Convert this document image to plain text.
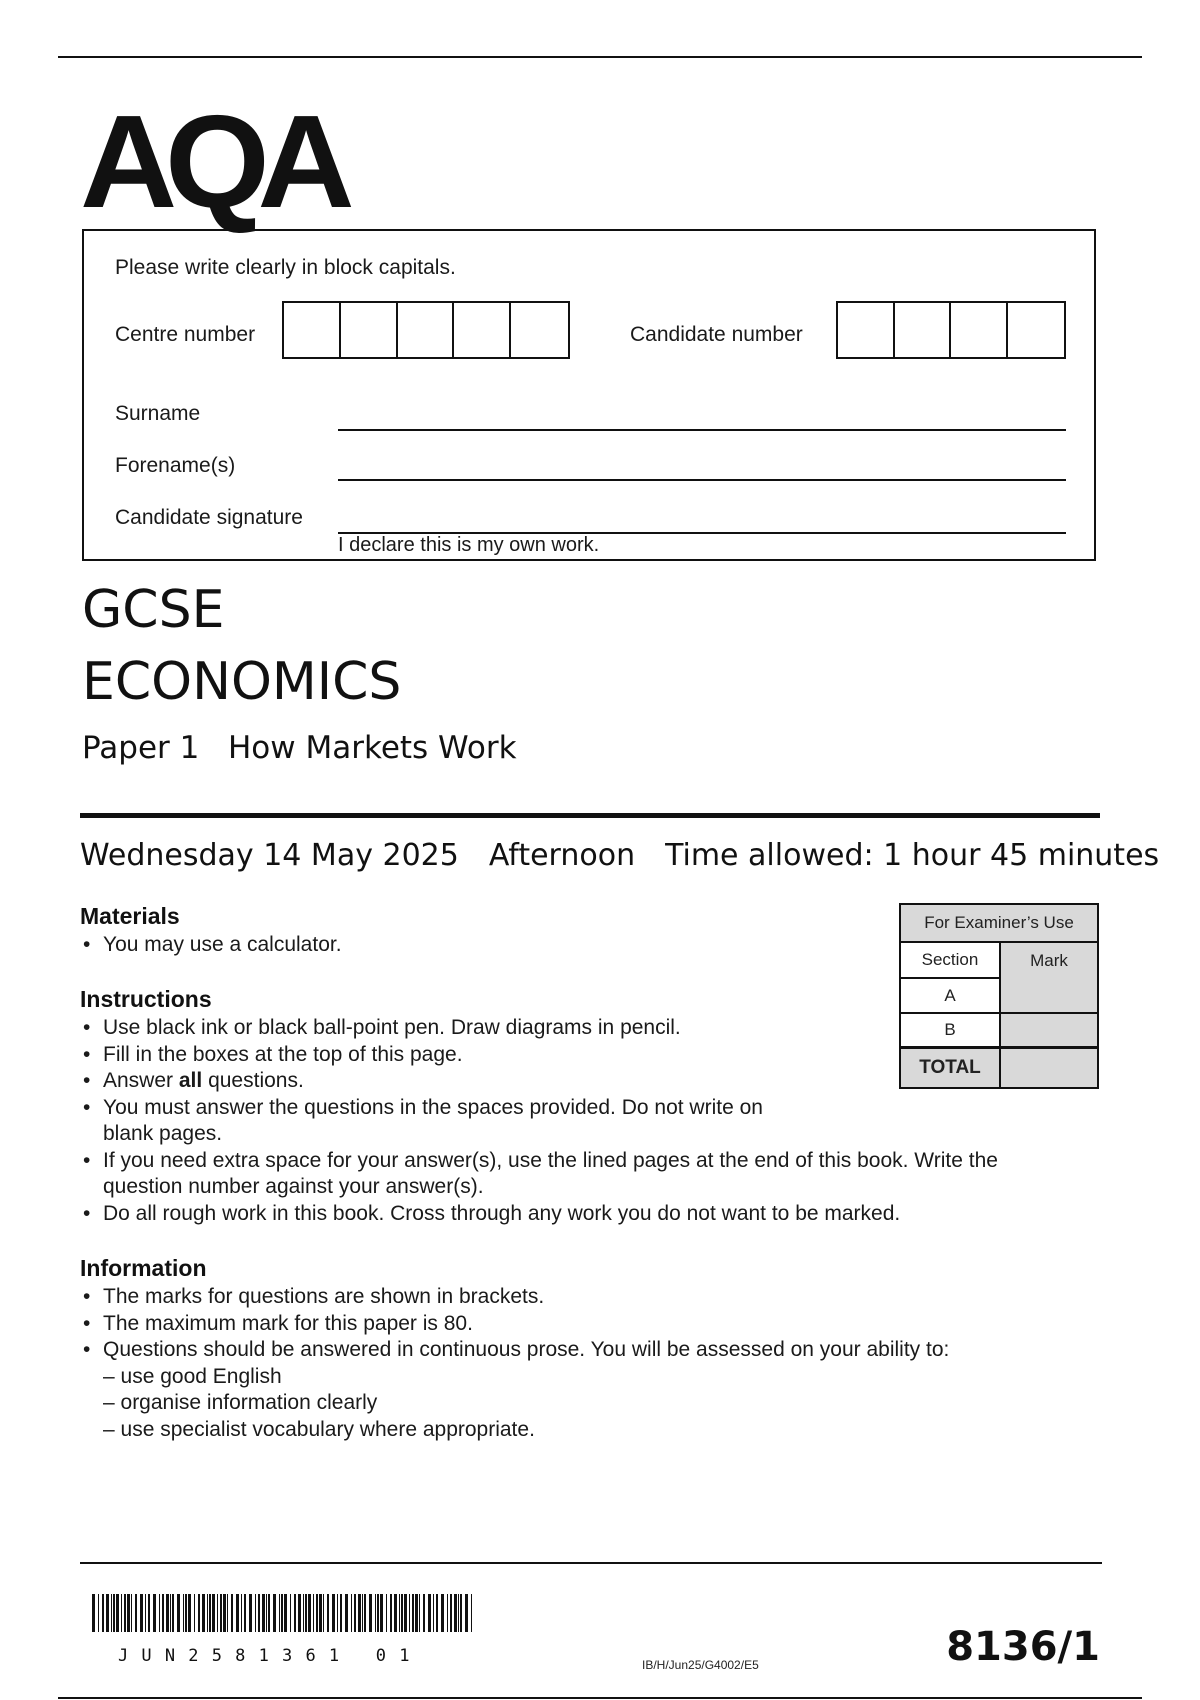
AQA
Please write clearly in block capitals.
Centre number	Candidate number
Surname
Forename(s)
Candidate signature
I declare this is my own work.
GCSE
ECONOMICS
Paper 1 How Markets Work
Wednesday 14 May 2025 Afternoon Time allowed: 1 hour 45 minutes
Materials
• You may use a calculator.
Instructions
• Use black ink or black ball-point pen. Draw diagrams in pencil.
• Fill in the boxes at the top of this page.
• Answer all questions.
• You must answer the questions in the spaces provided. Do not write on
blank pages.
• If you need extra space for your answer(s), use the lined pages at the end of this book. Write the
question number against your answer(s).
• Do all rough work in this book. Cross through any work you do not want to be marked.
Information
• The marks for questions are shown in brackets.
• The maximum mark for this paper is 80.
• Questions should be answered in continuous prose. You will be assessed on your ability to:
– use good English
– organise information clearly
– use specialist vocabulary where appropriate.
For Examiner’s Use
Section	Mark
A
B
TOTAL
JUN2581361 01	IB/H/Jun25/G4002/E5	8136/1
